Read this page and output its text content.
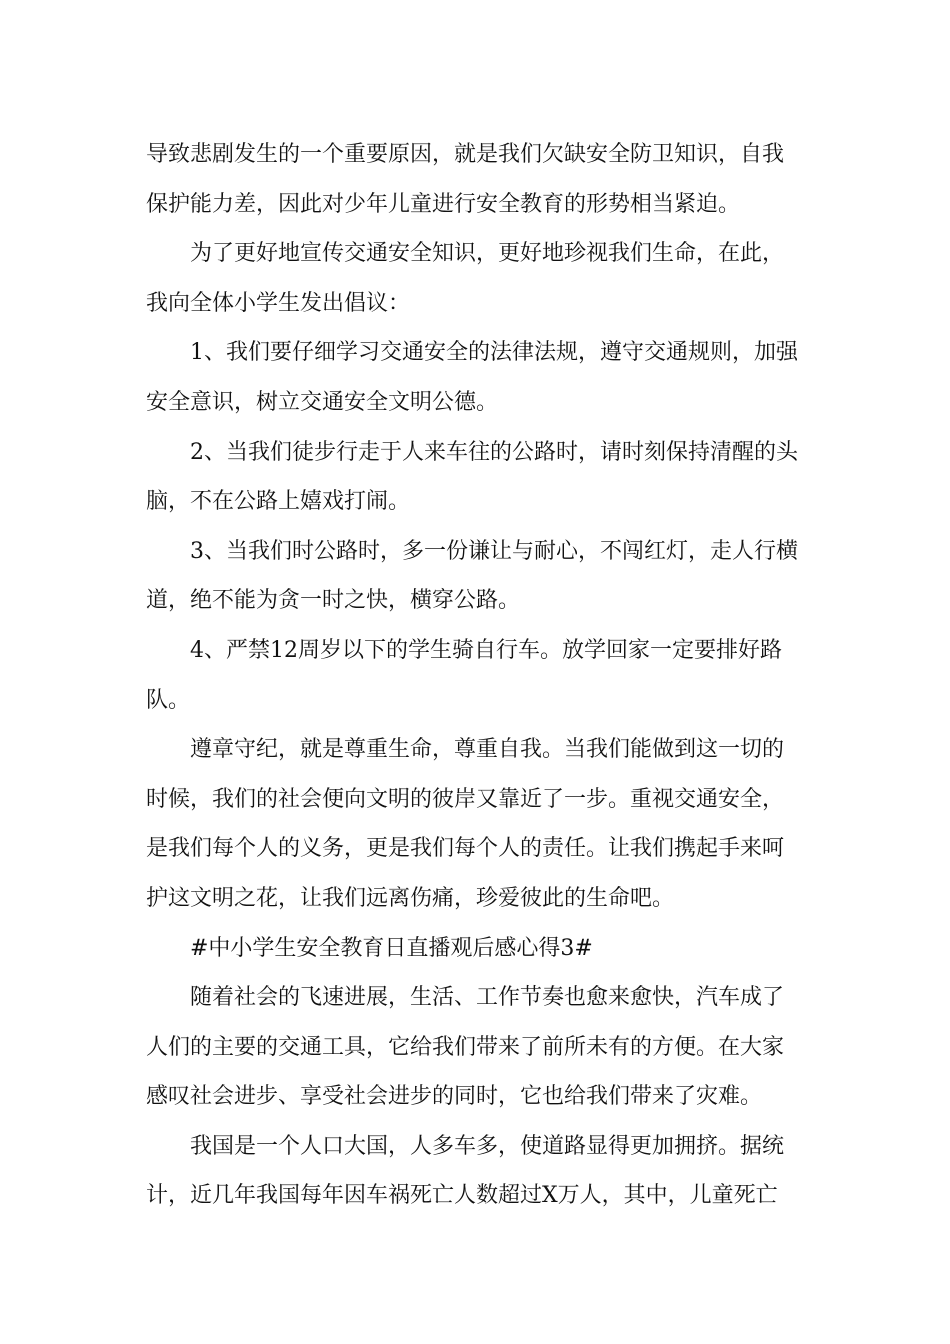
导致悲剧发生的一个重要原因，就是我们欠缺安全防卫知识，自我
保护能力差，因此对少年儿童进行安全教育的形势相当紧迫。
为了更好地宣传交通安全知识，更好地珍视我们生命，在此，
我向全体小学生发出倡议：
1、我们要仔细学习交通安全的法律法规，遵守交通规则，加强
安全意识，树立交通安全文明公德。
2、当我们徒步行走于人来车往的公路时，请时刻保持清醒的头
脑，不在公路上嬉戏打闹。
3、当我们时公路时，多一份谦让与耐心，不闯红灯，走人行横
道，绝不能为贪一时之快，横穿公路。
4、严禁12周岁以下的学生骑自行车。放学回家一定要排好路
队。
遵章守纪，就是尊重生命，尊重自我。当我们能做到这一切的
时候，我们的社会便向文明的彼岸又靠近了一步。重视交通安全，
是我们每个人的义务，更是我们每个人的责任。让我们携起手来呵
护这文明之花，让我们远离伤痛，珍爱彼此的生命吧。
#中小学生安全教育日直播观后感心得3#
随着社会的飞速进展，生活、工作节奏也愈来愈快，汽车成了
人们的主要的交通工具，它给我们带来了前所未有的方便。在大家
感叹社会进步、享受社会进步的同时，它也给我们带来了灾难。
我国是一个人口大国，人多车多，使道路显得更加拥挤。据统
计，近几年我国每年因车祸死亡人数超过X万人，其中，儿童死亡
